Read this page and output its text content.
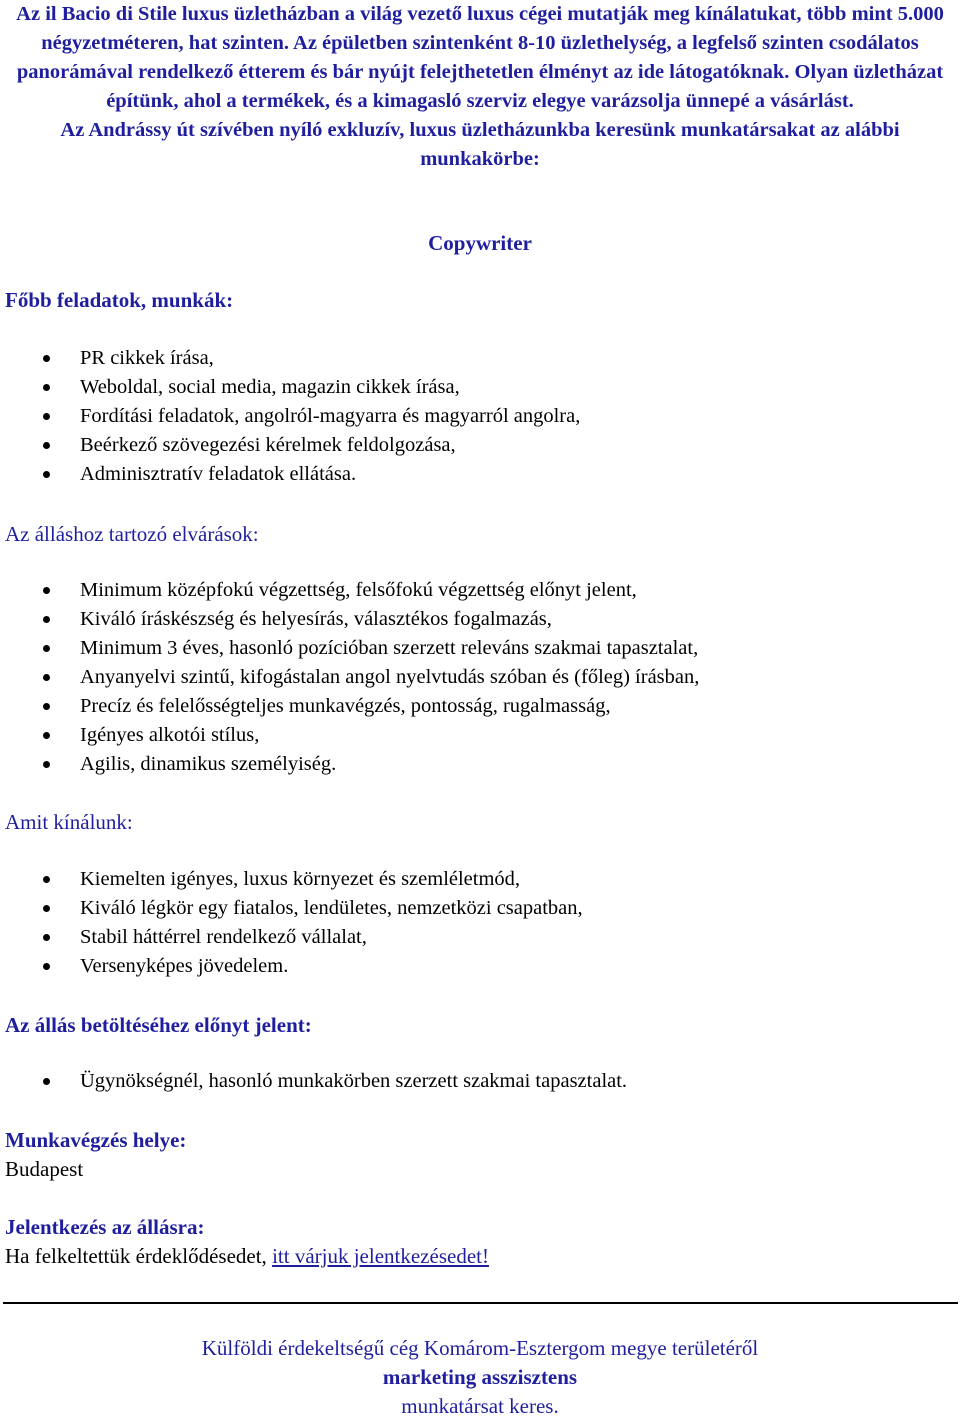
Az il Bacio di Stile luxus üzletházban a világ vezető luxus cégei mutatják meg kínálatukat, több mint 5.000 négyzetméteren, hat szinten. Az épületben szintenként 8-10 üzlethelység, a legfelső szinten csodálatos panorámával rendelkező étterem és bár nyújt felejthetetlen élményt az ide látogatóknak. Olyan üzletházat építünk, ahol a termékek, és a kimagasló szerviz elegye varázsolja ünnepé a vásárlást.

Az Andrássy út szívében nyíló exkluzív, luxus üzletházunkba keresünk munkatársakat az alábbi munkakörbe:

Copywriter
Főbb feladatok, munkák:
PR cikkek írása,
Weboldal, social media, magazin cikkek írása,
Fordítási feladatok, angolról-magyarra és magyarról angolra,
Beérkező szövegezési kérelmek feldolgozása,
Adminisztratív feladatok ellátása.
Az álláshoz tartozó elvárások:
Minimum középfokú végzettség, felsőfokú végzettség előnyt jelent,
Kiváló íráskészség és helyesírás, választékos fogalmazás,
Minimum 3 éves, hasonló pozícióban szerzett releváns szakmai tapasztalat,
Anyanyelvi szintű, kifogástalan angol nyelvtudás szóban és (főleg) írásban,
Precíz és felelősségteljes munkavégzés, pontosság, rugalmasság,
Igényes alkotói stílus,
Agilis, dinamikus személyiség.
Amit kínálunk:
Kiemelten igényes, luxus környezet és szemléletmód,
Kiváló légkör egy fiatalos, lendületes, nemzetközi csapatban,
Stabil háttérrel rendelkező vállalat,
Versenyképes jövedelem.
Az állás betöltéséhez előnyt jelent:
Ügynökségnél, hasonló munkakörben szerzett szakmai tapasztalat.
Munkavégzés helye:
Budapest
Jelentkezés az állásra:
Ha felkeltettük érdeklődésedet, itt várjuk jelentkezésedet!

Külföldi érdekeltségű cég Komárom-Esztergom megye területéről

marketing asszisztens

munkatársat keres.
